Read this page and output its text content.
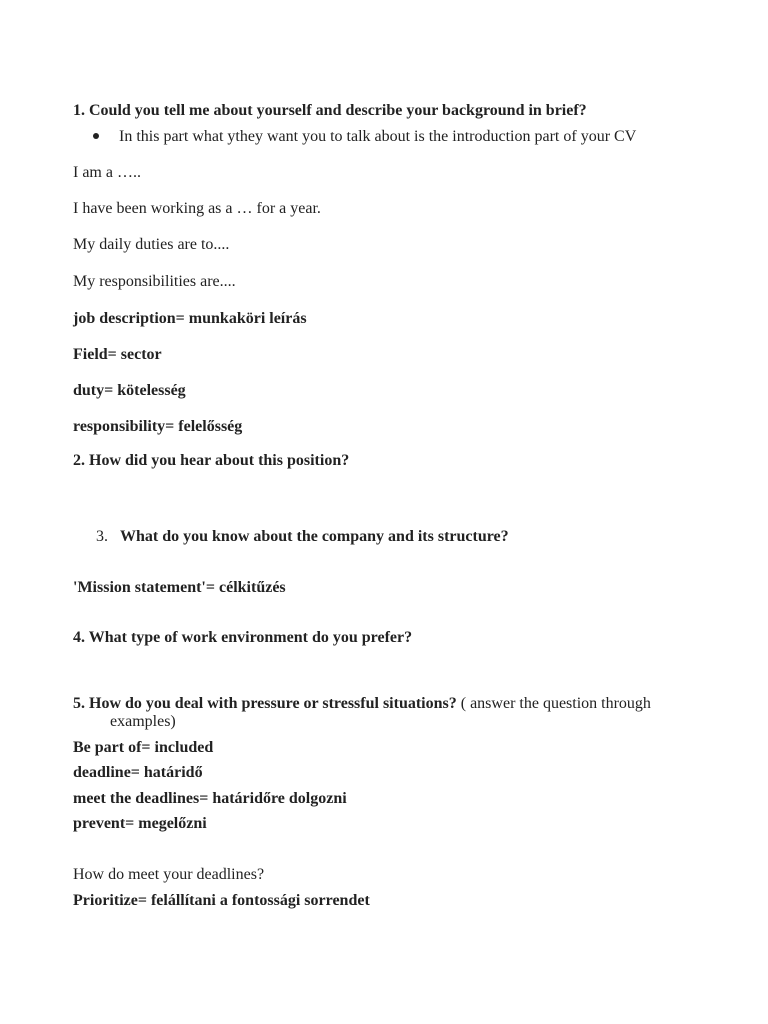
1. Could you tell me about yourself and describe your background in brief?
In this part what ythey want you to talk about is the introduction part of your CV
I am a …..
I have been working as a … for a year.
My daily duties are to....
My responsibilities are....
job description= munkaköri leírás
Field= sector
duty= kötelesség
responsibility= felelősség
2. How did you hear about this position?
3. What do you know about the company and its structure?
'Mission statement'= célkitűzés
4. What type of work environment do you prefer?
5. How do you deal with pressure or stressful situations? ( answer the question through
examples)
Be part of= included
deadline= határidő
meet the deadlines= határidőre dolgozni
prevent= megelőzni
How do meet your deadlines?
Prioritize= felállítani a fontossági sorrendet
